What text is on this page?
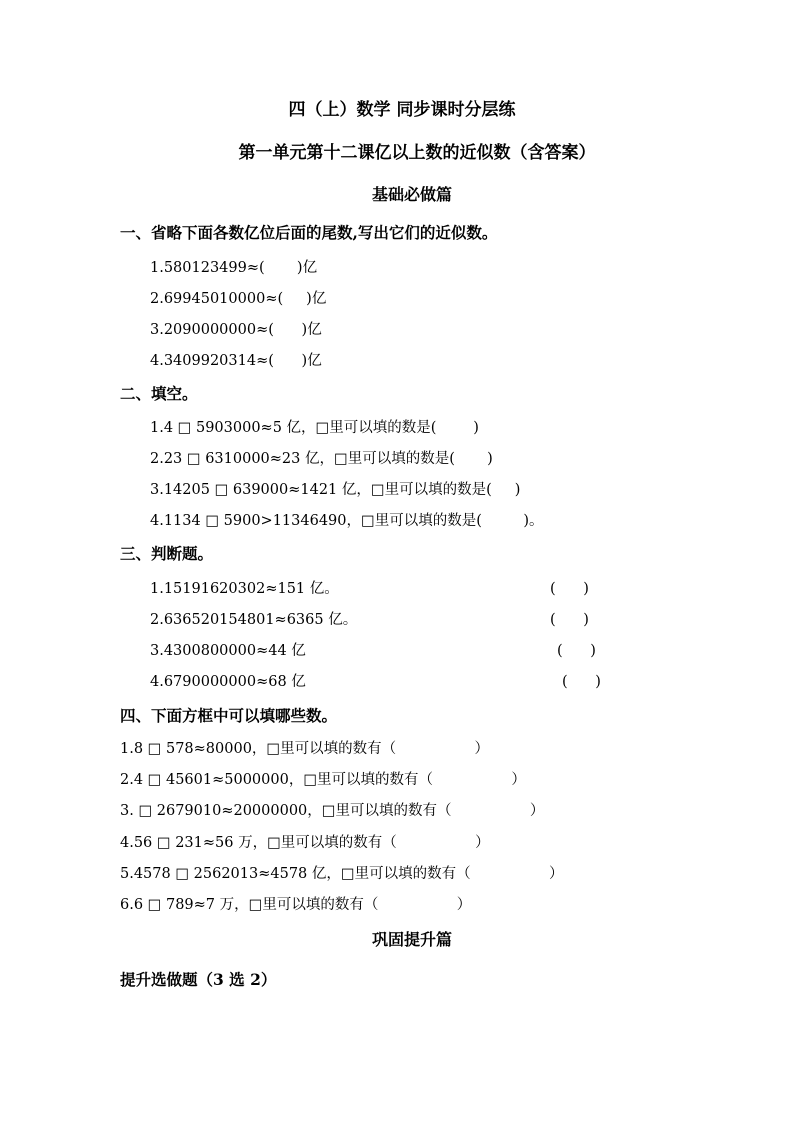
四（上）数学 同步课时分层练
第一单元第十二课亿以上数的近似数（含答案）
基础必做篇
一、省略下面各数亿位后面的尾数,写出它们的近似数。
1.580123499≈(       )亿
2.69945010000≈(     )亿
3.2090000000≈(      )亿
4.3409920314≈(      )亿
二、填空。
1.4 □ 5903000≈5 亿，□里可以填的数是(        )
2.23 □ 6310000≈23 亿，□里可以填的数是(       )
3.14205 □ 639000≈1421 亿，□里可以填的数是(     )
4.1134 □ 5900>11346490，□里可以填的数是(         )。
三、判断题。
1.15191620302≈151 亿。	(      )
2.636520154801≈6365 亿。	(      )
3.4300800000≈44 亿	(      )
4.6790000000≈68 亿	(      )
四、下面方框中可以填哪些数。
1.8 □ 578≈80000，□里可以填的数有（                 ）
2.4 □ 45601≈5000000，□里可以填的数有（                 ）
3. □ 2679010≈20000000，□里可以填的数有（                 ）
4.56 □ 231≈56 万，□里可以填的数有（                 ）
5.4578 □ 2562013≈4578 亿，□里可以填的数有（                 ）
6.6 □ 789≈7 万，□里可以填的数有（                 ）
巩固提升篇
提升选做题（3 选 2）
